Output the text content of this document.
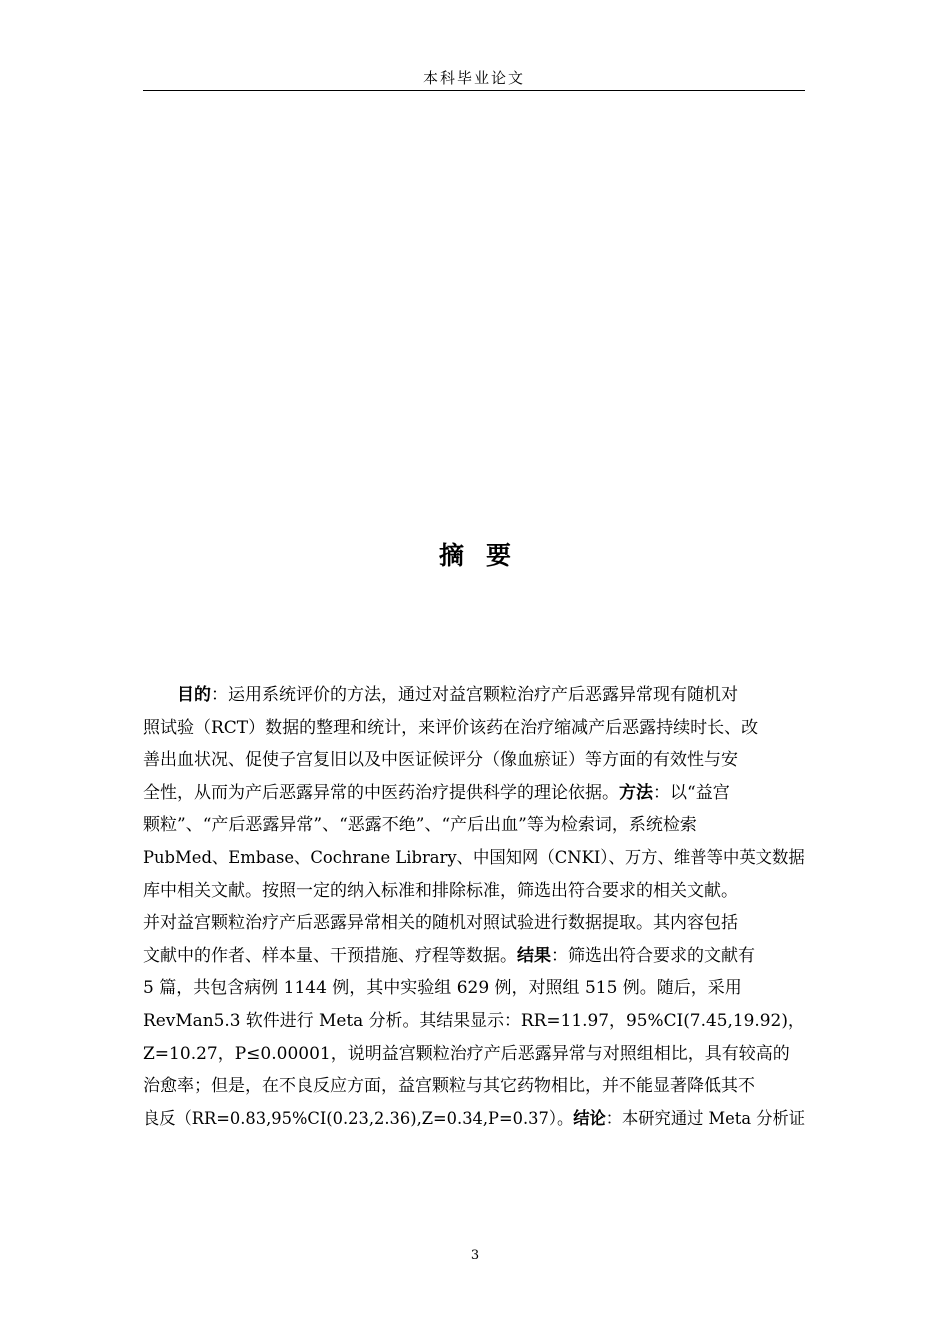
本科毕业论文
摘要
目的：运用系统评价的方法，通过对益宫颗粒治疗产后恶露异常现有随机对
照试验（RCT）数据的整理和统计，来评价该药在治疗缩减产后恶露持续时长、改
善出血状况、促使子宫复旧以及中医证候评分（像血瘀证）等方面的有效性与安
全性，从而为产后恶露异常的中医药治疗提供科学的理论依据。方法：以“益宫
颗粒”、“产后恶露异常”、“恶露不绝”、“产后出血”等为检索词，系统检索
PubMed、Embase、Cochrane Library、中国知网（CNKI）、万方、维普等中英文数据
库中相关文献。按照一定的纳入标准和排除标准，筛选出符合要求的相关文献。
并对益宫颗粒治疗产后恶露异常相关的随机对照试验进行数据提取。其内容包括
文献中的作者、样本量、干预措施、疗程等数据。结果：筛选出符合要求的文献有
5 篇，共包含病例 1144 例，其中实验组 629 例，对照组 515 例。随后，采用
RevMan5.3 软件进行 Meta 分析。其结果显示：RR=11.97，95%CI(7.45,19.92)，
Z=10.27，P≤0.00001，说明益宫颗粒治疗产后恶露异常与对照组相比，具有较高的
治愈率；但是，在不良反应方面，益宫颗粒与其它药物相比，并不能显著降低其不
良反（RR=0.83,95%CI(0.23,2.36),Z=0.34,P=0.37）。结论：本研究通过 Meta 分析证
3
